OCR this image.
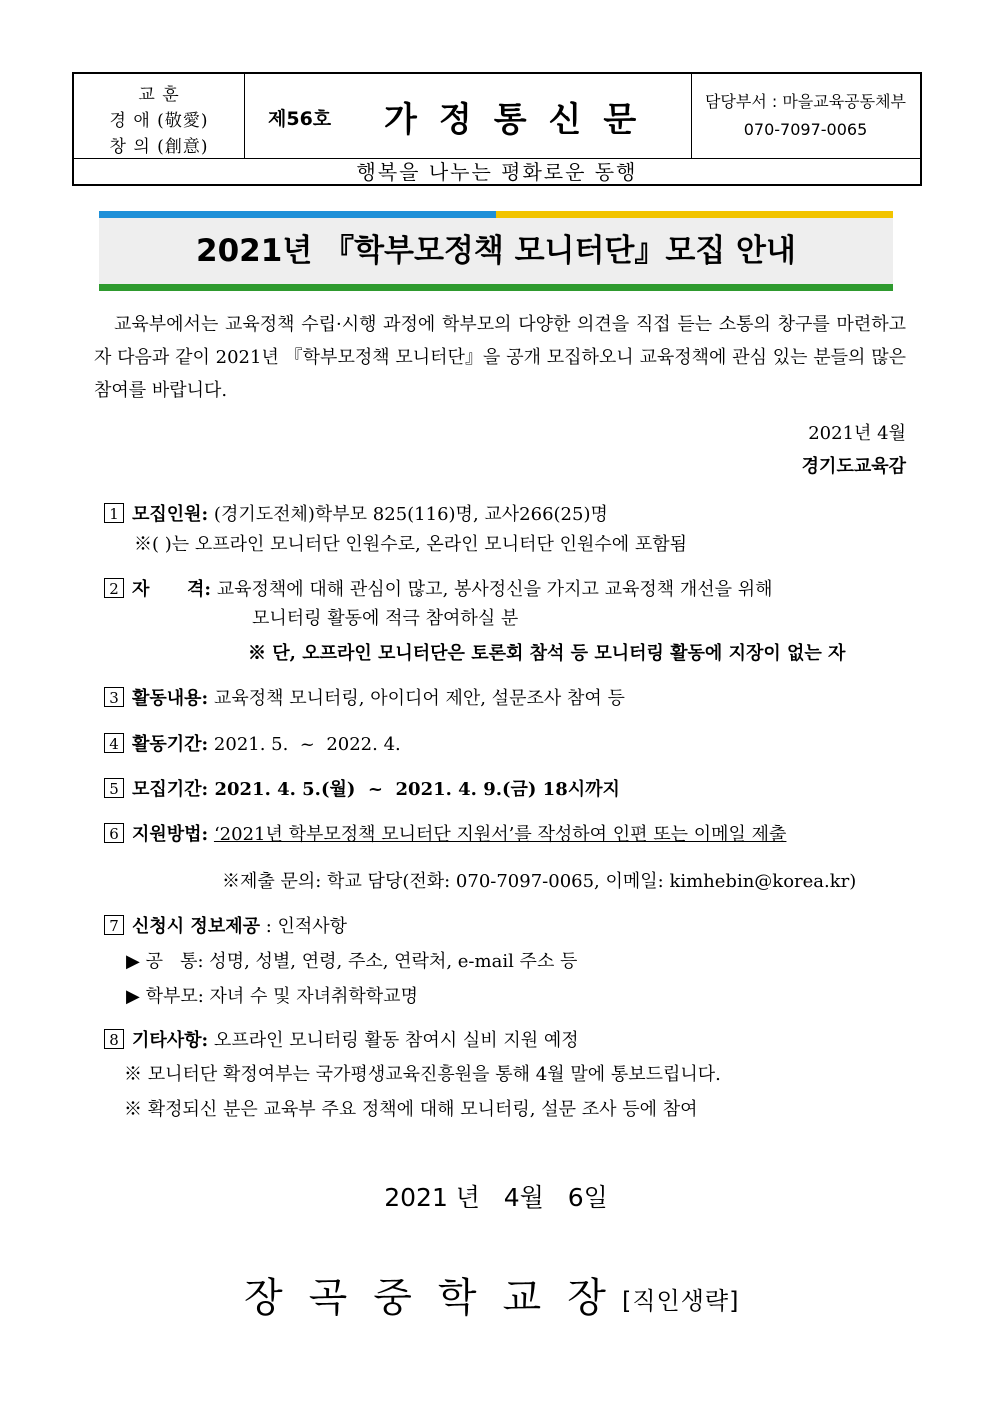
교 훈
경 애 (敬愛)
창 의 (創意)
제56호 가정통신문	담당부서 : 마을교육공동체부
070-7097-0065
행복을 나누는 평화로운 동행
2021년 『학부모정책 모니터단』모집 안내
교육부에서는 교육정책 수립·시행 과정에 학부모의 다양한 의견을 직접 듣는 소통의 창구를 마련하고자 다음과 같이 2021년 『학부모정책 모니터단』을 공개 모집하오니 교육정책에 관심 있는 분들의 많은 참여를 바랍니다.
2021년 4월
경기도교육감
1 모집인원: (경기도전체)학부모 825(116)명, 교사266(25)명
※( )는 오프라인 모니터단 인원수로, 온라인 모니터단 인원수에 포함됨
2 자      격: 교육정책에 대해 관심이 많고, 봉사정신을 가지고 교육정책 개선을 위해
모니터링 활동에 적극 참여하실 분
※ 단, 오프라인 모니터단은 토론회 참석 등 모니터링 활동에 지장이 없는 자
3 활동내용: 교육정책 모니터링, 아이디어 제안, 설문조사 참여 등
4 활동기간: 2021. 5.  ~  2022. 4.
5 모집기간: 2021. 4. 5.(월)  ~  2021. 4. 9.(금) 18시까지
6 지원방법: ‘2021년 학부모정책 모니터단 지원서’를 작성하여 인편 또는 이메일 제출
※제출 문의: 학교 담당(전화: 070-7097-0065, 이메일: kimhebin@korea.kr)
7 신청시 정보제공 : 인적사항
▶ 공   통: 성명, 성별, 연령, 주소, 연락처, e-mail 주소 등
▶ 학부모: 자녀 수 및 자녀취학학교명
8 기타사항: 오프라인 모니터링 활동 참여시 실비 지원 예정
※ 모니터단 확정여부는 국가평생교육진흥원을 통해 4월 말에 통보드립니다.
※ 확정되신 분은 교육부 주요 정책에 대해 모니터링, 설문 조사 등에 참여
2021 년   4월   6일
장곡중학교장
[직인생략]
